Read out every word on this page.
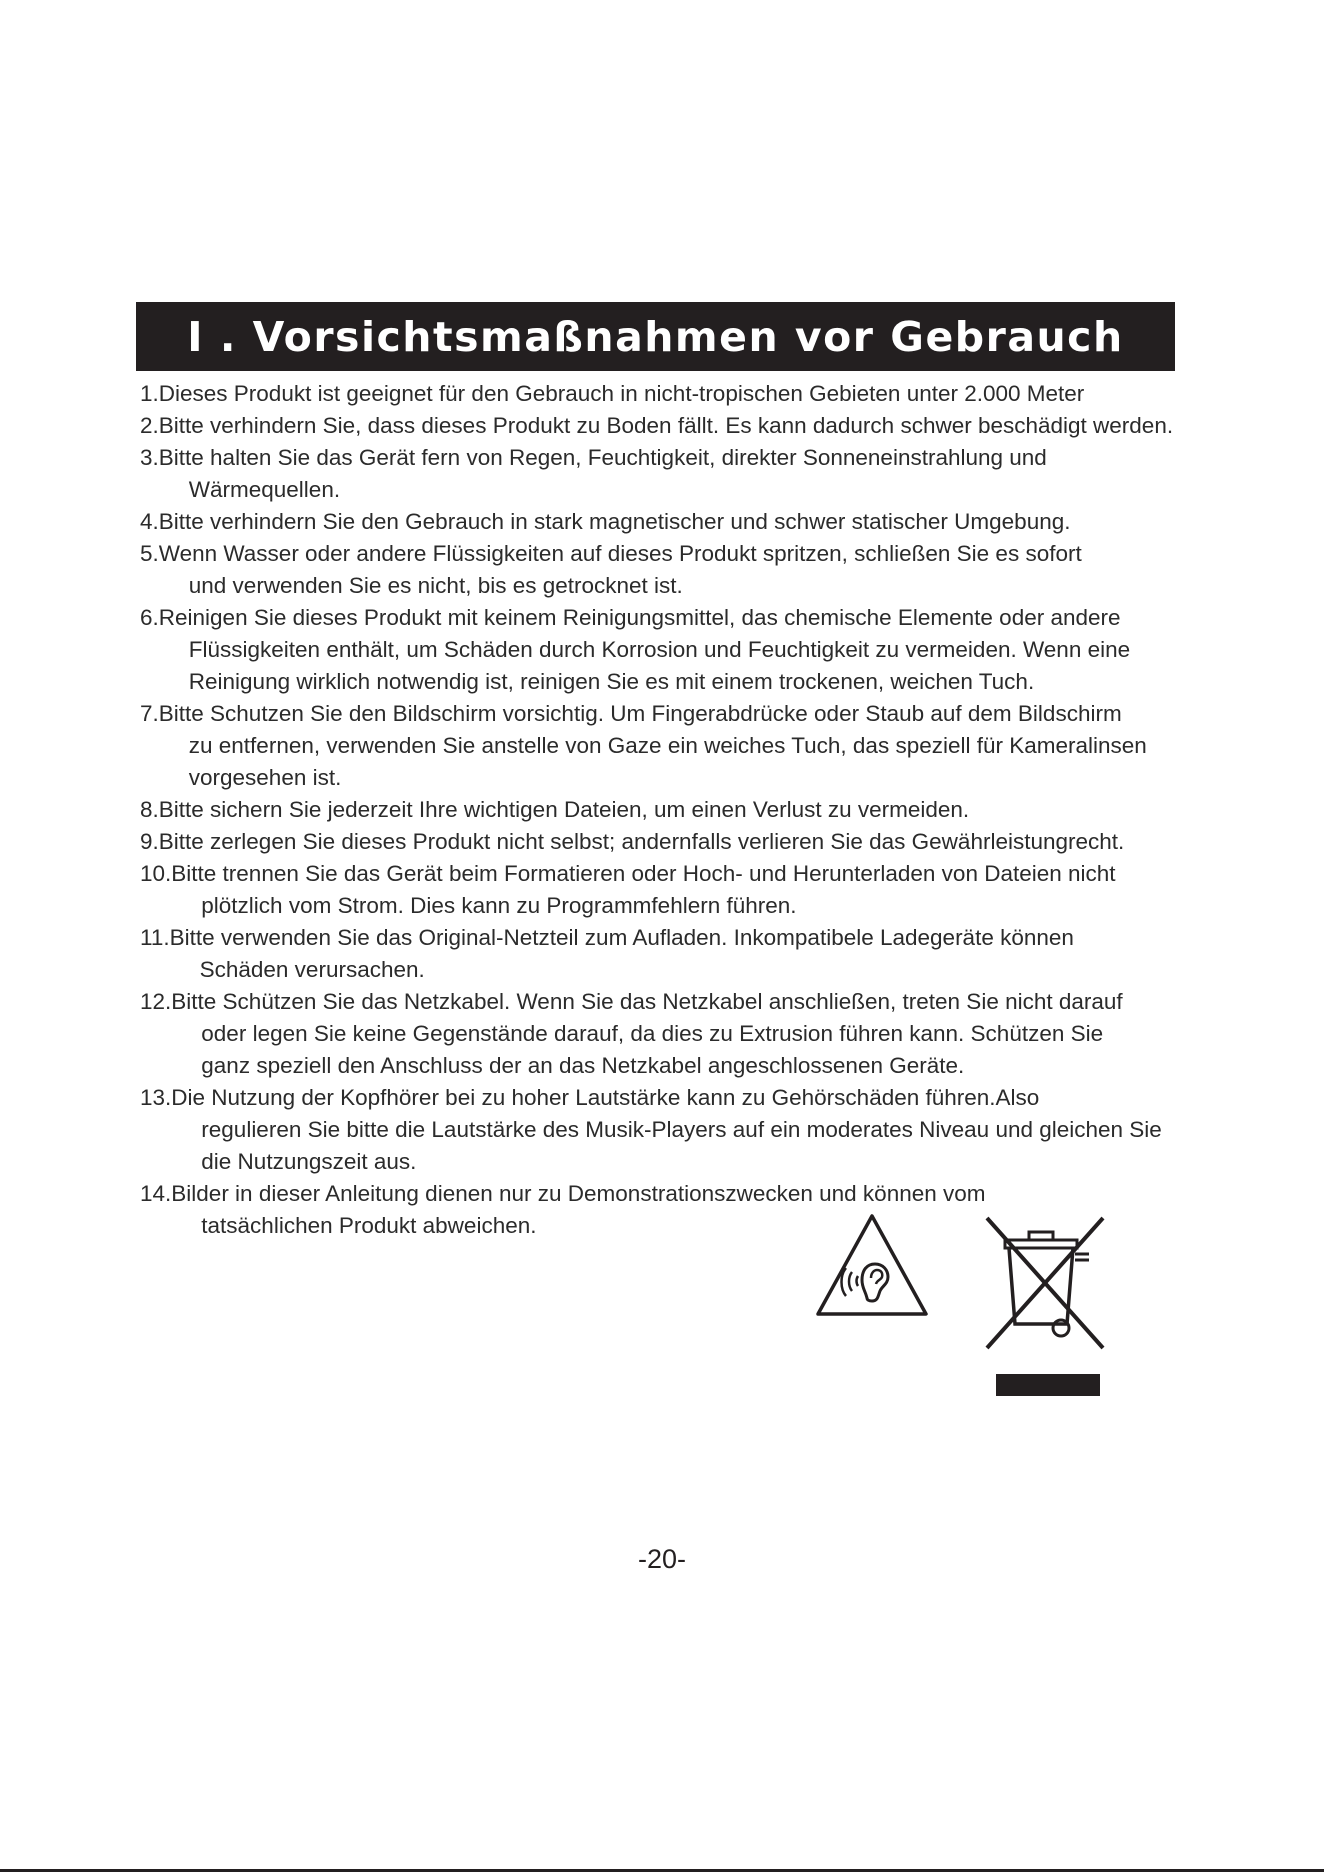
I . Vorsichtsmaßnahmen vor Gebrauch
1. Dieses Produkt ist geeignet für den Gebrauch in nicht-tropischen Gebieten unter 2.000 Meter
2. Bitte verhindern Sie, dass dieses Produkt zu Boden fällt. Es kann dadurch schwer beschädigt werden.
3. Bitte halten Sie das Gerät fern von Regen, Feuchtigkeit, direkter Sonneneinstrahlung und
Wärmequellen.
4. Bitte verhindern Sie den Gebrauch in stark magnetischer und schwer statischer Umgebung.
5. Wenn Wasser oder andere Flüssigkeiten auf dieses Produkt spritzen, schließen Sie es sofort
und verwenden Sie es nicht, bis es getrocknet ist.
6. Reinigen Sie dieses Produkt mit keinem Reinigungsmittel, das chemische Elemente oder andere
Flüssigkeiten enthält, um Schäden durch Korrosion und Feuchtigkeit zu vermeiden. Wenn eine
Reinigung wirklich notwendig ist, reinigen Sie es mit einem trockenen, weichen Tuch.
7. Bitte Schutzen Sie den Bildschirm vorsichtig. Um Fingerabdrücke oder Staub auf dem Bildschirm
zu entfernen, verwenden Sie anstelle von Gaze ein weiches Tuch, das speziell für Kameralinsen
vorgesehen ist.
8. Bitte sichern Sie jederzeit Ihre wichtigen Dateien, um einen Verlust zu vermeiden.
9. Bitte zerlegen Sie dieses Produkt nicht selbst; andernfalls verlieren Sie das Gewährleistungrecht.
10. Bitte trennen Sie das Gerät beim Formatieren oder Hoch- und Herunterladen von Dateien nicht
plötzlich vom Strom. Dies kann zu Programmfehlern führen.
11. Bitte verwenden Sie das Original-Netzteil zum Aufladen. Inkompatibele Ladegeräte können
Schäden verursachen.
12. Bitte Schützen Sie das Netzkabel. Wenn Sie das Netzkabel anschließen, treten Sie nicht darauf
oder legen Sie keine Gegenstände darauf, da dies zu Extrusion führen kann. Schützen Sie
ganz speziell den Anschluss der an das Netzkabel angeschlossenen Geräte.
13. Die Nutzung der Kopfhörer bei zu hoher Lautstärke kann zu Gehörschäden führen.Also
regulieren Sie bitte die Lautstärke des Musik-Players auf ein moderates Niveau und gleichen Sie
die Nutzungszeit aus.
14. Bilder in dieser Anleitung dienen nur zu Demonstrationszwecken und können vom
tatsächlichen Produkt abweichen.
-20-
